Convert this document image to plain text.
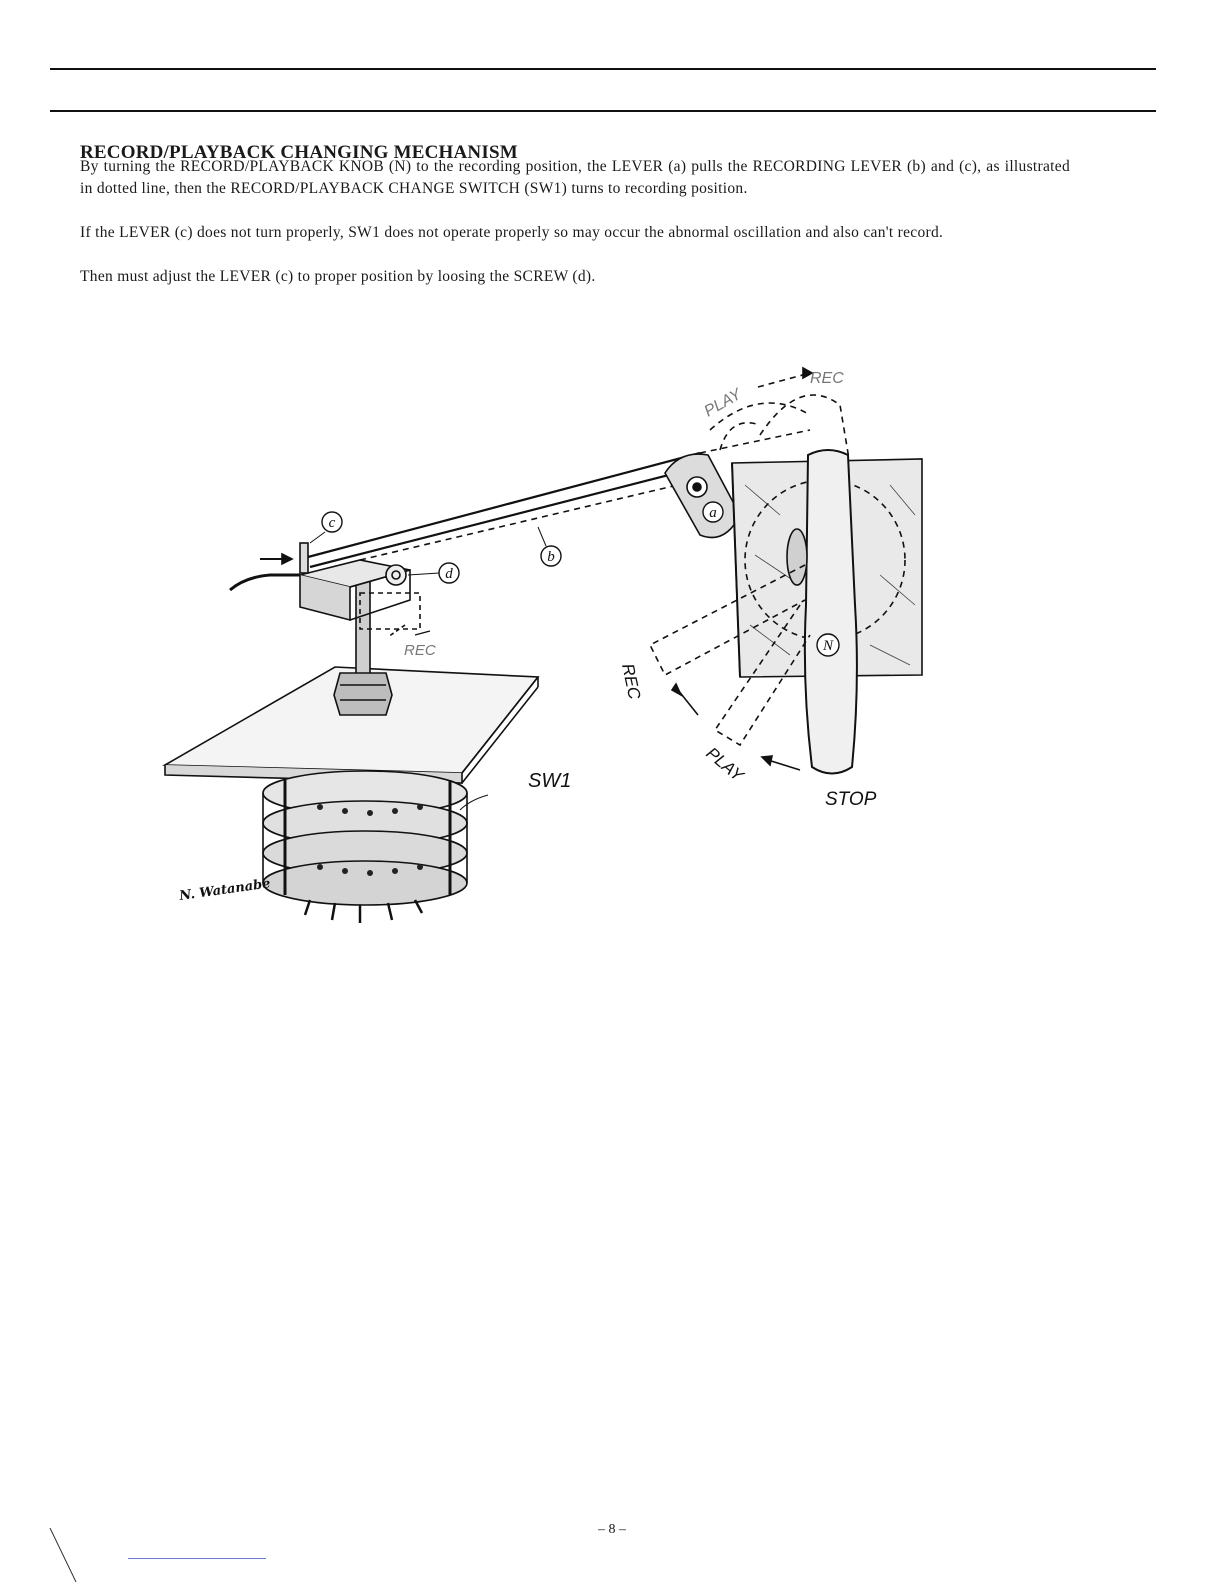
RECORD/PLAYBACK CHANGING MECHANISM

By turning the RECORD/PLAYBACK KNOB (N) to the recording position, the LEVER (a) pulls the RECORDING LEVER (b) and (c), as illustrated in dotted line, then the RECORD/PLAYBACK CHANGE SWITCH (SW1) turns to recording position.

If the LEVER (c) does not turn properly, SW1 does not operate properly so may occur the abnormal oscillation and also can't record.

Then must adjust the LEVER (c) to proper position by loosing the SCREW (d).

c
d
b
a
N
PLAY
REC
REC
REC
PLAY
STOP
SW1
N. Watanabe
– 8 –
